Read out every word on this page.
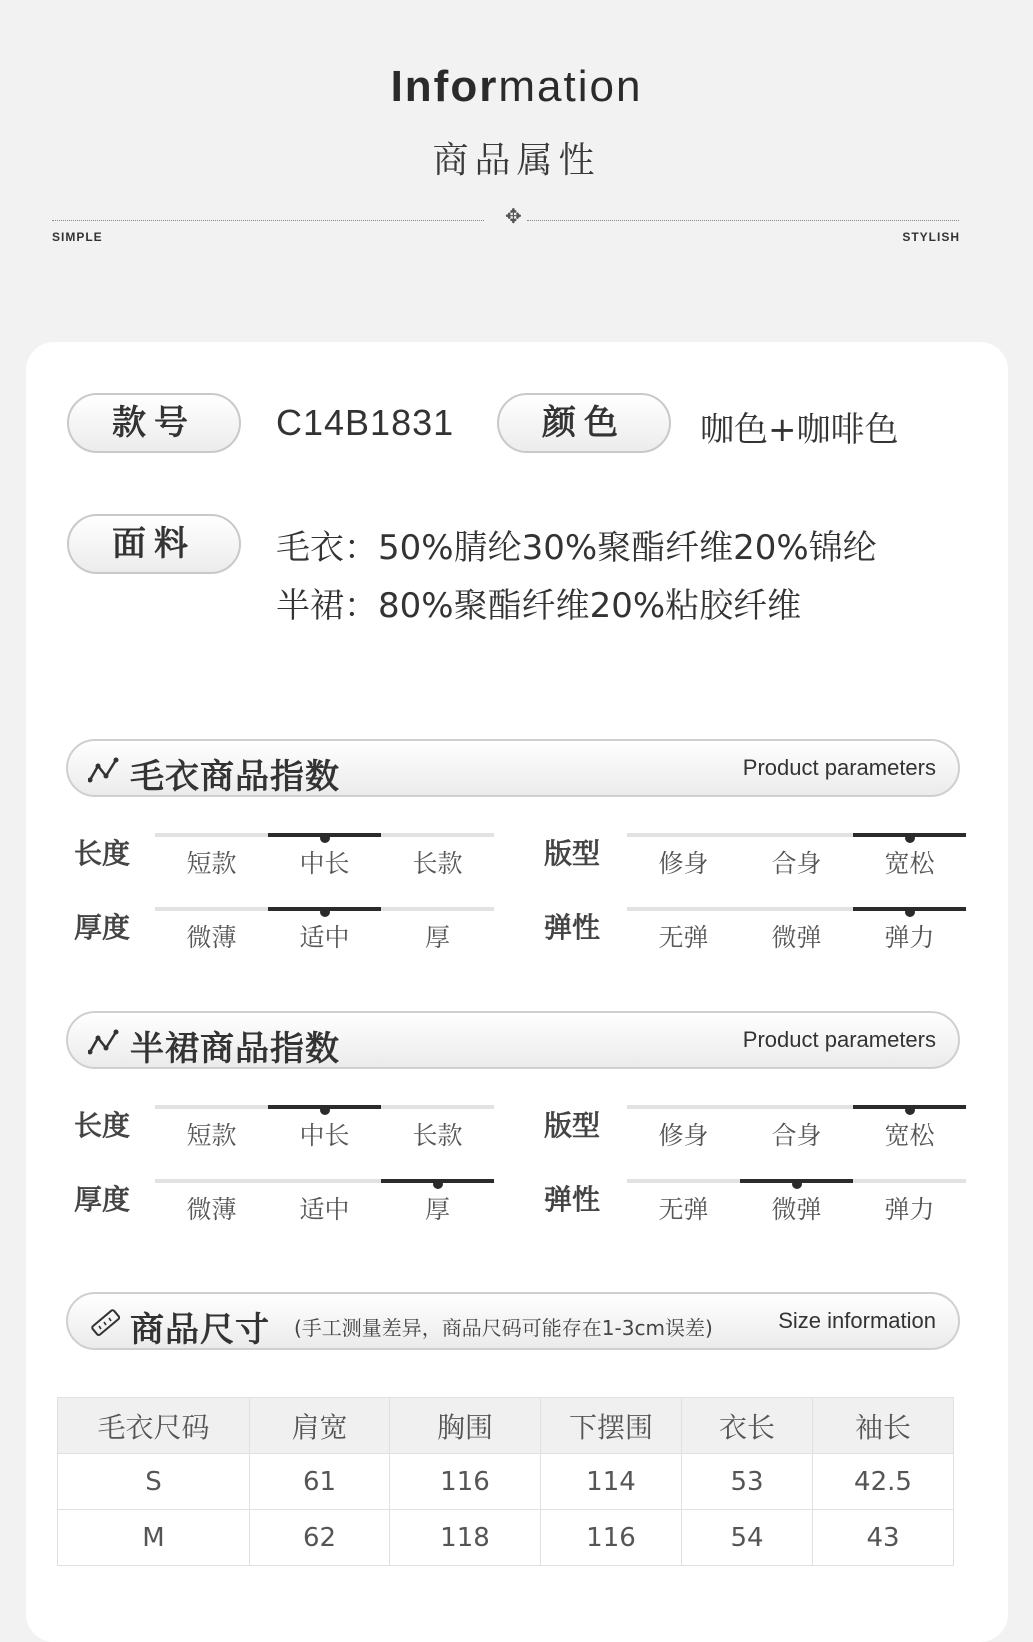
Information
商品属性
✥
SIMPLE	STYLISH
款号	C14B1831	颜色	咖色+咖啡色
面料	毛衣：50%腈纶30%聚酯纤维20%锦纶
半裙：80%聚酯纤维20%粘胶纤维
毛衣商品指数	Product parameters
长度	短款	中长	长款	版型	修身	合身	宽松
厚度	微薄	适中	厚	弹性	无弹	微弹	弹力
半裙商品指数	Product parameters
长度	短款	中长	长款	版型	修身	合身	宽松
厚度	微薄	适中	厚	弹性	无弹	微弹	弹力
商品尺寸 (手工测量差异，商品尺码可能存在1-3cm误差)	Size information
毛衣尺码	肩宽	胸围	下摆围	衣长	袖长
S	61	116	114	53	42.5
M	62	118	116	54	43
